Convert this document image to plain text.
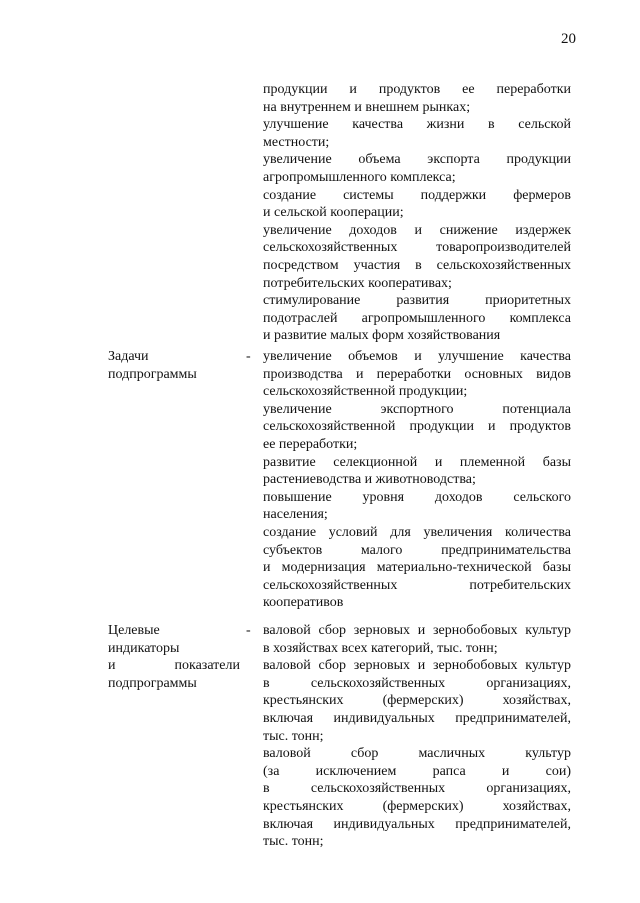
20
продукции и продуктов ее переработки
на внутреннем и внешнем рынках;
улучшение качества жизни в сельской
местности;
увеличение объема экспорта продукции
агропромышленного комплекса;
создание системы поддержки фермеров
и сельской кооперации;
увеличение доходов и снижение издержек
сельскохозяйственных товаропроизводителей
посредством участия в сельскохозяйственных
потребительских кооперативах;
стимулирование развития приоритетных
подотраслей агропромышленного комплекса
и развитие малых форм хозяйствования
Задачи
подпрограммы
- увеличение объемов и улучшение качества
производства и переработки основных видов
сельскохозяйственной продукции;
увеличение экспортного потенциала
сельскохозяйственной продукции и продуктов
ее переработки;
развитие селекционной и племенной базы
растениеводства и животноводства;
повышение уровня доходов сельского
населения;
создание условий для увеличения количества
субъектов малого предпринимательства
и модернизация материально-технической базы
сельскохозяйственных потребительских
кооперативов
Целевые
индикаторы
и показатели
подпрограммы
- валовой сбор зерновых и зернобобовых культур
в хозяйствах всех категорий, тыс. тонн;
валовой сбор зерновых и зернобобовых культур
в сельскохозяйственных организациях,
крестьянских (фермерских) хозяйствах,
включая индивидуальных предпринимателей,
тыс. тонн;
валовой сбор масличных культур
(за исключением рапса и сои)
в сельскохозяйственных организациях,
крестьянских (фермерских) хозяйствах,
включая индивидуальных предпринимателей,
тыс. тонн;
